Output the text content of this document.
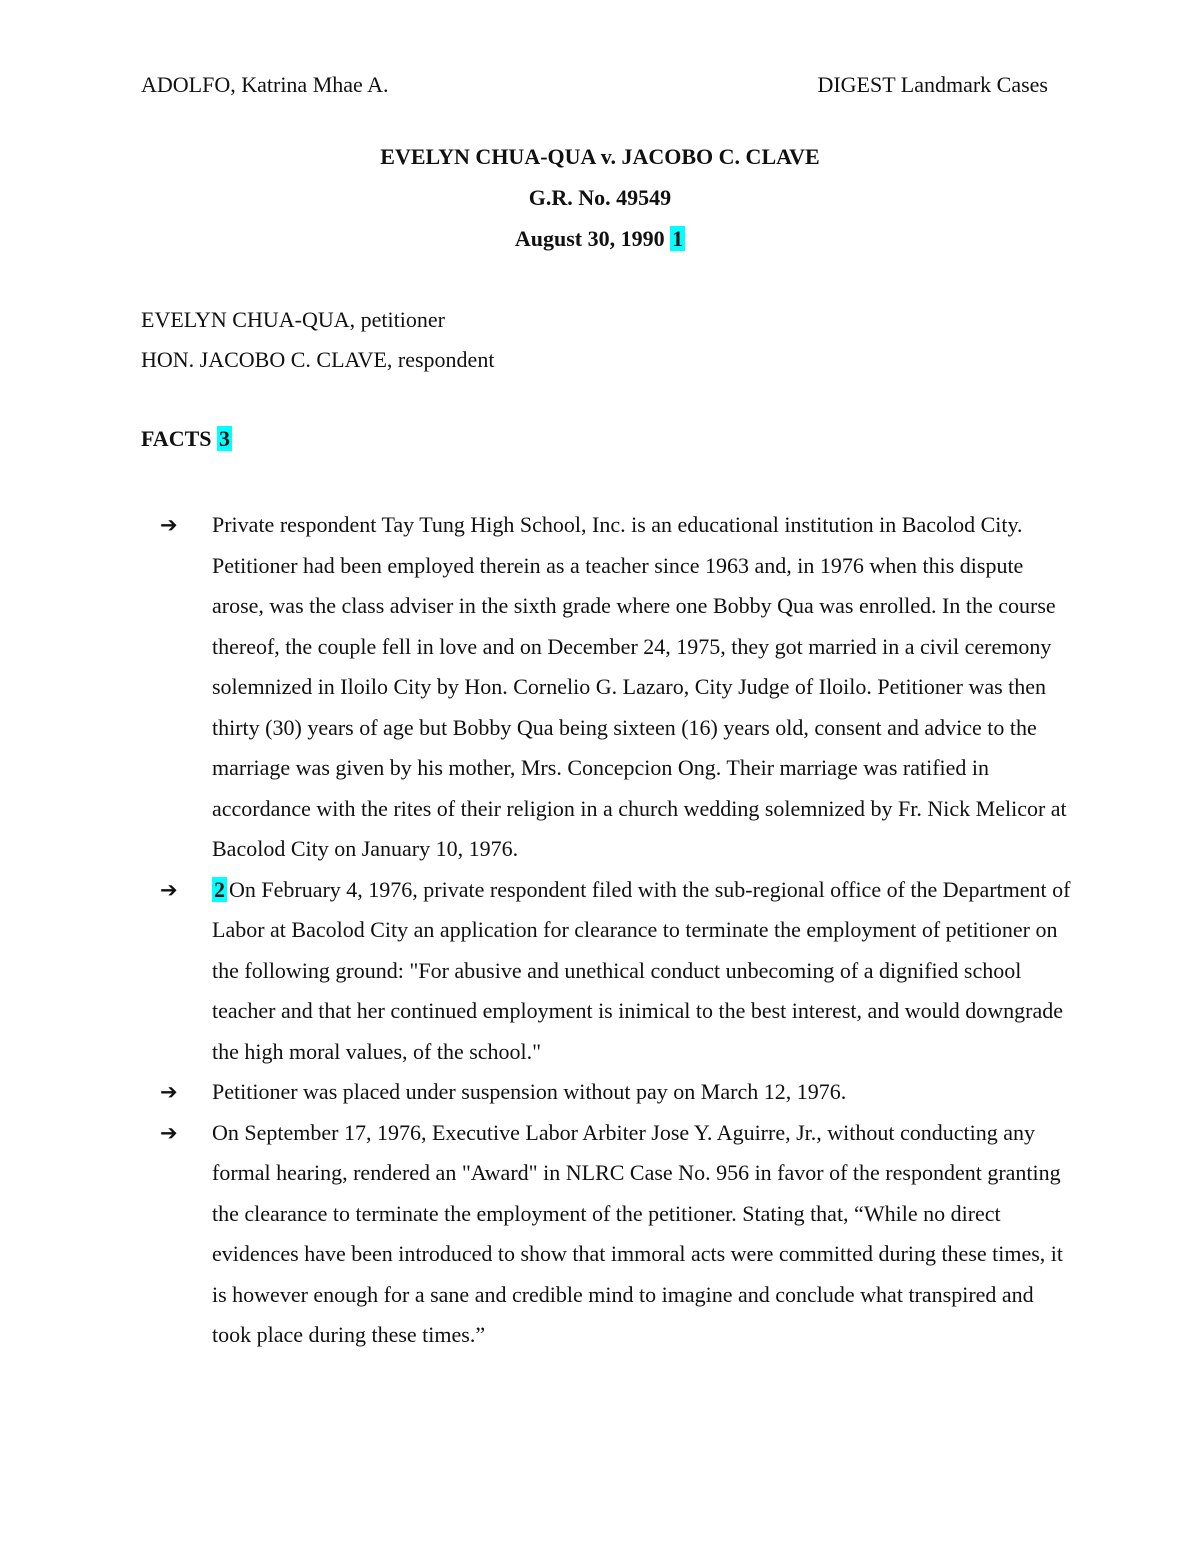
ADOLFO, Katrina Mhae A.	DIGEST Landmark Cases
EVELYN CHUA-QUA v. JACOBO C. CLAVE
G.R. No. 49549
August 30, 1990 1
EVELYN CHUA-QUA, petitioner
HON. JACOBO C. CLAVE, respondent
FACTS 3
➔	Private respondent Tay Tung High School, Inc. is an educational institution in Bacolod City. Petitioner had been employed therein as a teacher since 1963 and, in 1976 when this dispute arose, was the class adviser in the sixth grade where one Bobby Qua was enrolled. In the course thereof, the couple fell in love and on December 24, 1975, they got married in a civil ceremony solemnized in Iloilo City by Hon. Cornelio G. Lazaro, City Judge of Iloilo. Petitioner was then thirty (30) years of age but Bobby Qua being sixteen (16) years old, consent and advice to the marriage was given by his mother, Mrs. Concepcion Ong. Their marriage was ratified in accordance with the rites of their religion in a church wedding solemnized by Fr. Nick Melicor at Bacolod City on January 10, 1976.
➔	2 On February 4, 1976, private respondent filed with the sub-regional office of the Department of Labor at Bacolod City an application for clearance to terminate the employment of petitioner on the following ground: "For abusive and unethical conduct unbecoming of a dignified school teacher and that her continued employment is inimical to the best interest, and would downgrade the high moral values, of the school."
➔	Petitioner was placed under suspension without pay on March 12, 1976.
➔	On September 17, 1976, Executive Labor Arbiter Jose Y. Aguirre, Jr., without conducting any formal hearing, rendered an "Award" in NLRC Case No. 956 in favor of the respondent granting the clearance to terminate the employment of the petitioner. Stating that, “While no direct evidences have been introduced to show that immoral acts were committed during these times, it is however enough for a sane and credible mind to imagine and conclude what transpired and took place during these times.”
